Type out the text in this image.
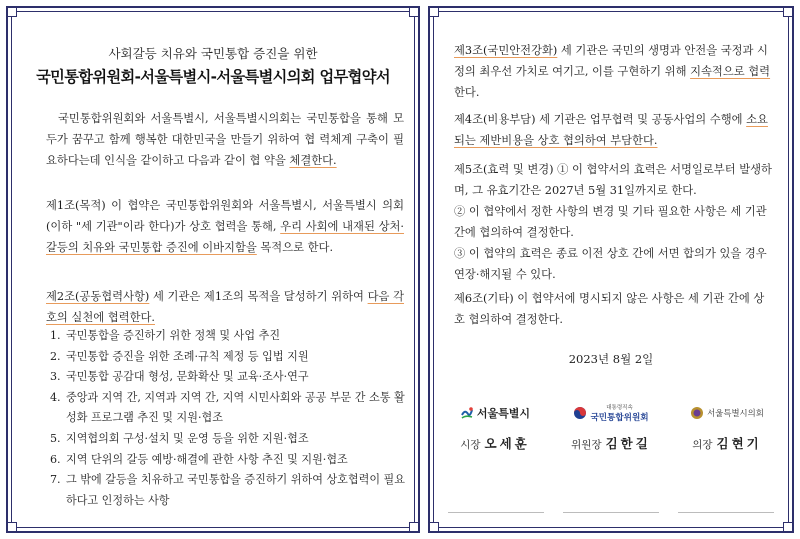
사회갈등 치유와 국민통합 증진을 위한
국민통합위원회-서울특별시-서울특별시의회 업무협약서

국민통합위원회와 서울특별시, 서울특별시의회는 국민통합을 통해 모두가 꿈꾸고 함께 행복한 대한민국을 만들기 위하여 협 력체계 구축이 필요하다는데 인식을 같이하고 다음과 같이 협 약을 체결한다.

제1조(목적) 이 협약은 국민통합위원회와 서울특별시, 서울특별시 의회(이하 "세 기관"이라 한다)가 상호 협력을 통해, 우리 사회에 내재된 상처·갈등의 치유와 국민통합 증진에 이바지함을 목적으로 한다.

제2조(공동협력사항) 세 기관은 제1조의 목적을 달성하기 위하여 다음 각 호의 실천에 협력한다.

1. 국민통합을 증진하기 위한 정책 및 사업 추진
2. 국민통합 증진을 위한 조례·규칙 제정 등 입법 지원
3. 국민통합 공감대 형성, 문화확산 및 교육·조사·연구
4. 중앙과 지역 간, 지역과 지역 간, 지역 시민사회와 공공 부문 간 소통 활성화 프로그램 추진 및 지원·협조
5. 지역협의회 구성·설치 및 운영 등을 위한 지원·협조
6. 지역 단위의 갈등 예방·해결에 관한 사항 추진 및 지원·협조
7. 그 밖에 갈등을 치유하고 국민통합을 증진하기 위하여 상호협력이 필요하다고 인정하는 사항

제3조(국민안전강화) 세 기관은 국민의 생명과 안전을 국정과 시정의 최우선 가치로 여기고, 이를 구현하기 위해 지속적으로 협력한다.

제4조(비용부담) 세 기관은 업무협력 및 공동사업의 수행에 소요되는 제반비용을 상호 협의하여 부담한다.

제5조(효력 및 변경) ① 이 협약서의 효력은 서명일로부터 발생하며, 그 유효기간은 2027년 5월 31일까지로 한다.

② 이 협약에서 정한 사항의 변경 및 기타 필요한 사항은 세 기관 간에 협의하여 결정한다.

③ 이 협약의 효력은 종료 이전 상호 간에 서면 합의가 있을 경우 연장·해지될 수 있다.

제6조(기타) 이 협약서에 명시되지 않은 사항은 세 기관 간에 상호 협의하여 결정한다.

2023년 8월 2일
서울특별시
시장 오세훈
대통령직속
국민통합위원회
위원장 김한길
서울특별시의회
의장 김현기
